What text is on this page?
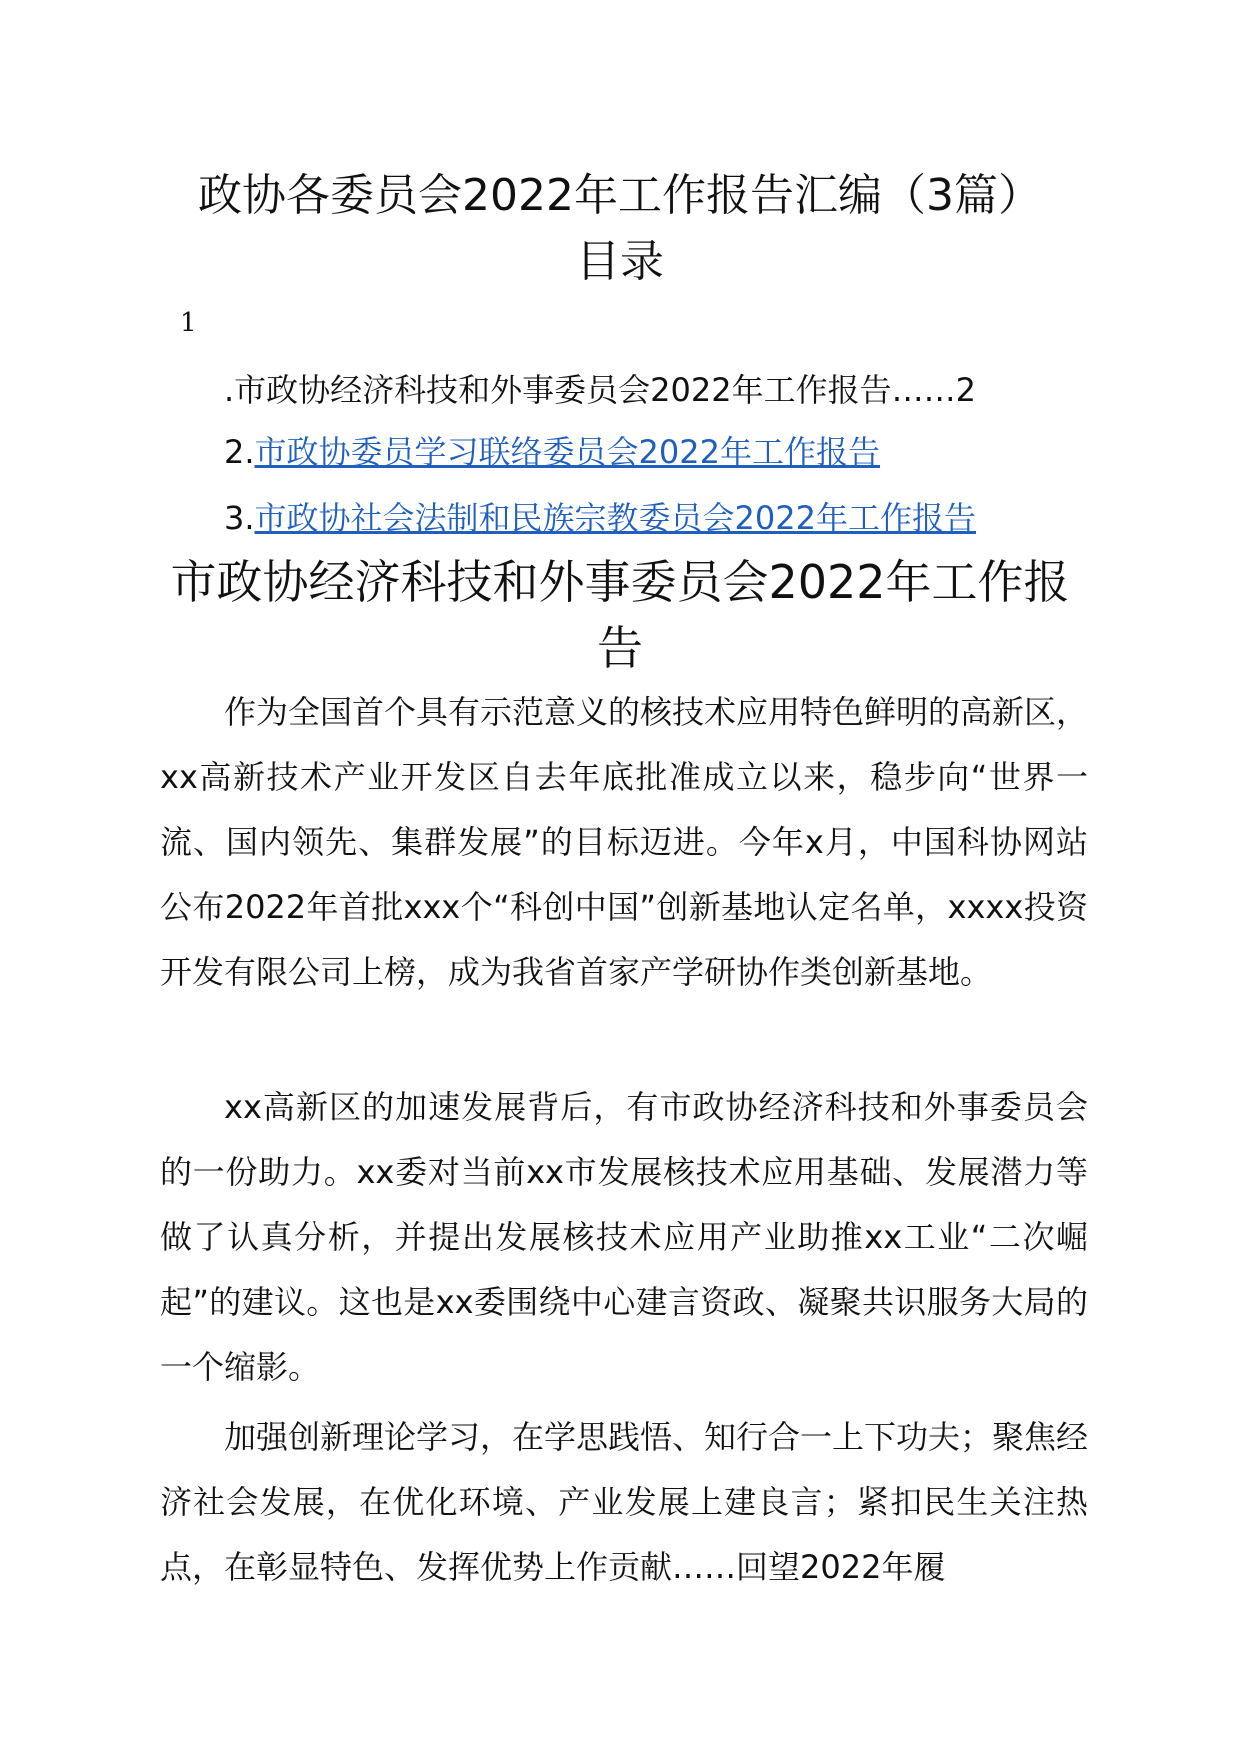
政协各委员会2022年工作报告汇编（3篇）
目录
1
.市政协经济科技和外事委员会2022年工作报告……2
2.市政协委员学习联络委员会2022年工作报告
3.市政协社会法制和民族宗教委员会2022年工作报告
市政协经济科技和外事委员会2022年工作报
告

作为全国首个具有示范意义的核技术应用特色鲜明的高新区，xx高新技术产业开发区自去年底批准成立以来，稳步向“世界一流、国内领先、集群发展”的目标迈进。今年x月，中国科协网站公布2022年首批xxx个“科创中国”创新基地认定名单，xxxx投资开发有限公司上榜，成为我省首家产学研协作类创新基地。

xx高新区的加速发展背后，有市政协经济科技和外事委员会的一份助力。xx委对当前xx市发展核技术应用基础、发展潜力等做了认真分析，并提出发展核技术应用产业助推xx工业“二次崛起”的建议。这也是xx委围绕中心建言资政、凝聚共识服务大局的一个缩影。

加强创新理论学习，在学思践悟、知行合一上下功夫；聚焦经济社会发展，在优化环境、产业发展上建良言；紧扣民生关注热点，在彰显特色、发挥优势上作贡献……回望2022年履
